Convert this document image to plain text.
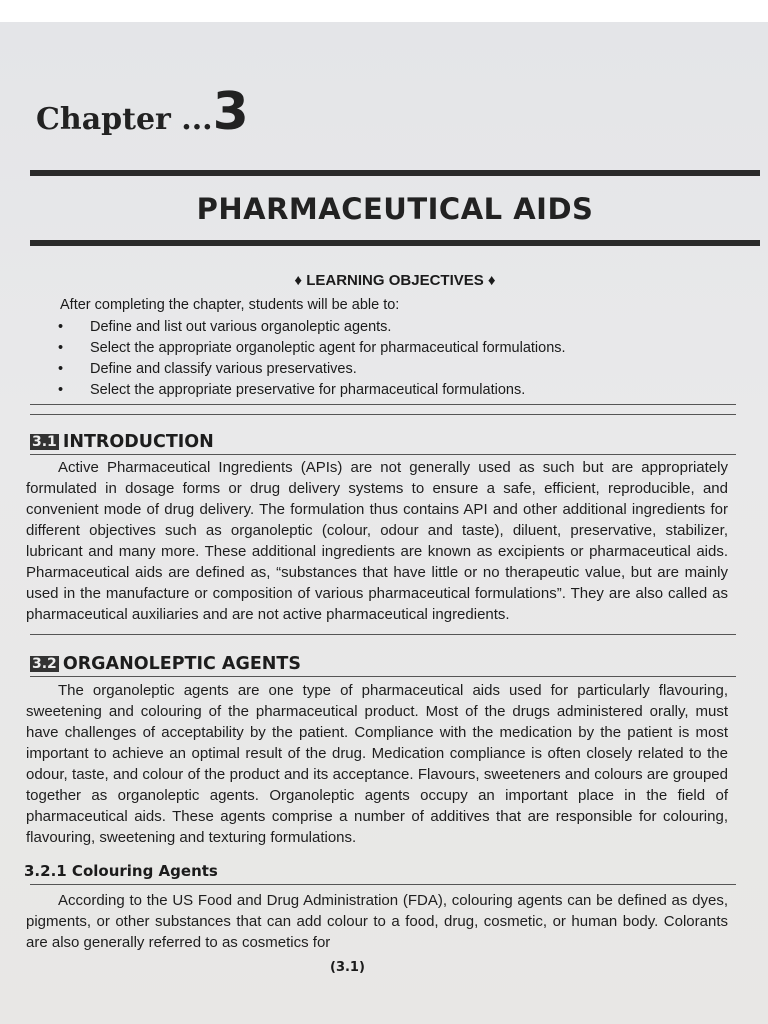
Chapter ...3
PHARMACEUTICAL AIDS
♦ LEARNING OBJECTIVES ♦
After completing the chapter, students will be able to:
• Define and list out various organoleptic agents.
• Select the appropriate organoleptic agent for pharmaceutical formulations.
• Define and classify various preservatives.
• Select the appropriate preservative for pharmaceutical formulations.
3.1 INTRODUCTION

Active Pharmaceutical Ingredients (APIs) are not generally used as such but are appropriately formulated in dosage forms or drug delivery systems to ensure a safe, efficient, reproducible, and convenient mode of drug delivery. The formulation thus contains API and other additional ingredients for different objectives such as organoleptic (colour, odour and taste), diluent, preservative, stabilizer, lubricant and many more. These additional ingredients are known as excipients or pharmaceutical aids. Pharmaceutical aids are defined as, “substances that have little or no therapeutic value, but are mainly used in the manufacture or composition of various pharmaceutical formulations”. They are also called as pharmaceutical auxiliaries and are not active pharmaceutical ingredients.

3.2 ORGANOLEPTIC AGENTS

The organoleptic agents are one type of pharmaceutical aids used for particularly flavouring, sweetening and colouring of the pharmaceutical product. Most of the drugs administered orally, must have challenges of acceptability by the patient. Compliance with the medication by the patient is most important to achieve an optimal result of the drug. Medication compliance is often closely related to the odour, taste, and colour of the product and its acceptance. Flavours, sweeteners and colours are grouped together as organoleptic agents. Organoleptic agents occupy an important place in the field of pharmaceutical aids. These agents comprise a number of additives that are responsible for colouring, flavouring, sweetening and texturing formulations.

3.2.1 Colouring Agents

According to the US Food and Drug Administration (FDA), colouring agents can be defined as dyes, pigments, or other substances that can add colour to a food, drug, cosmetic, or human body. Colorants are also generally referred to as cosmetics for

(3.1)
